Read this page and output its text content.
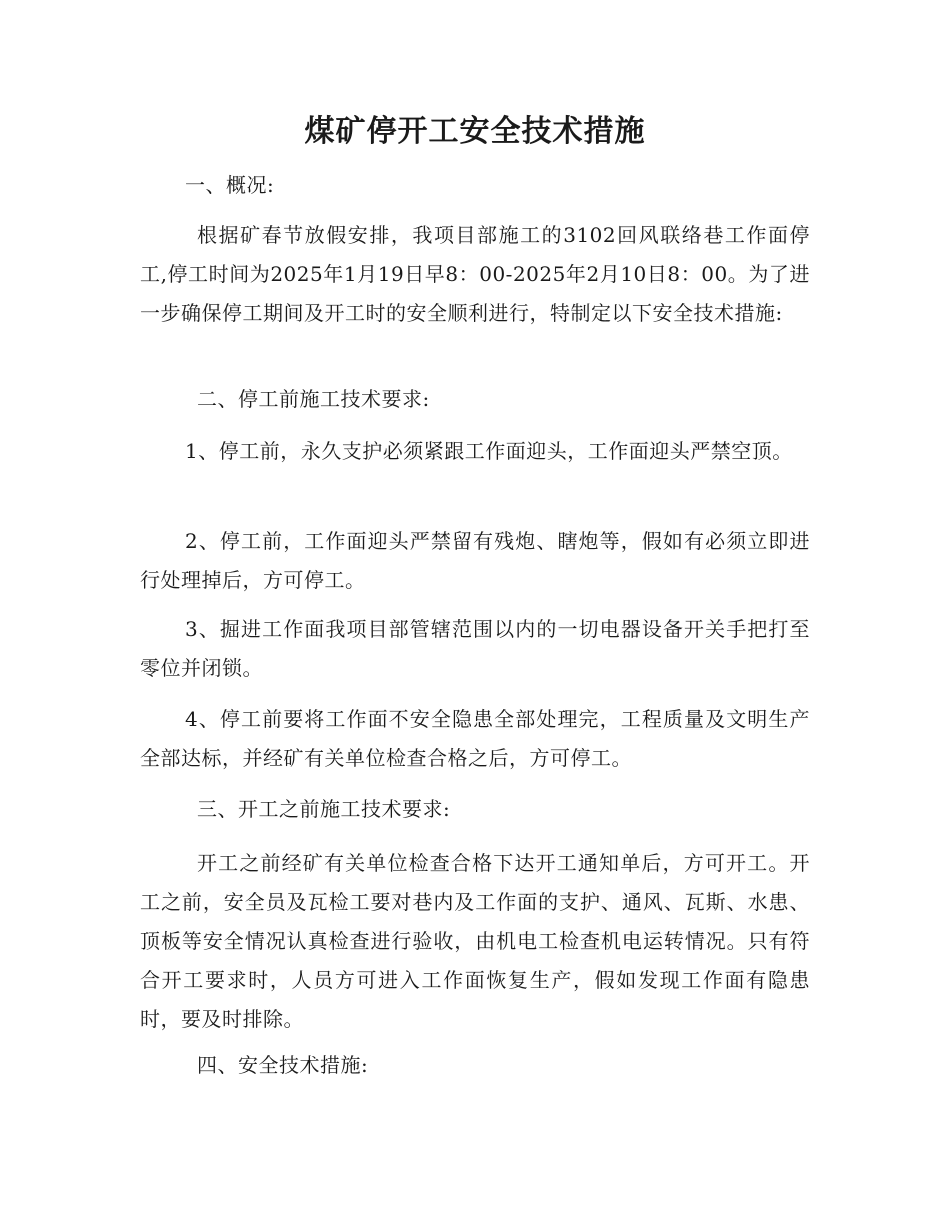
煤矿停开工安全技术措施

一、概况:

根据矿春节放假安排，我项目部施工的3102回风联络巷工作面停工,停工时间为2025年1月19日早8：00-2025年2月10日8：00。为了进一步确保停工期间及开工时的安全顺利进行，特制定以下安全技术措施:

二、停工前施工技术要求:

1、停工前，永久支护必须紧跟工作面迎头，工作面迎头严禁空顶。

2、停工前，工作面迎头严禁留有残炮、瞎炮等，假如有必须立即进行处理掉后，方可停工。

3、掘进工作面我项目部管辖范围以内的一切电器设备开关手把打至零位并闭锁。

4、停工前要将工作面不安全隐患全部处理完，工程质量及文明生产全部达标，并经矿有关单位检查合格之后，方可停工。

三、开工之前施工技术要求:

开工之前经矿有关单位检查合格下达开工通知单后，方可开工。开工之前，安全员及瓦检工要对巷内及工作面的支护、通风、瓦斯、水患、顶板等安全情况认真检查进行验收，由机电工检查机电运转情况。只有符合开工要求时，人员方可进入工作面恢复生产，假如发现工作面有隐患时，要及时排除。

四、安全技术措施:
